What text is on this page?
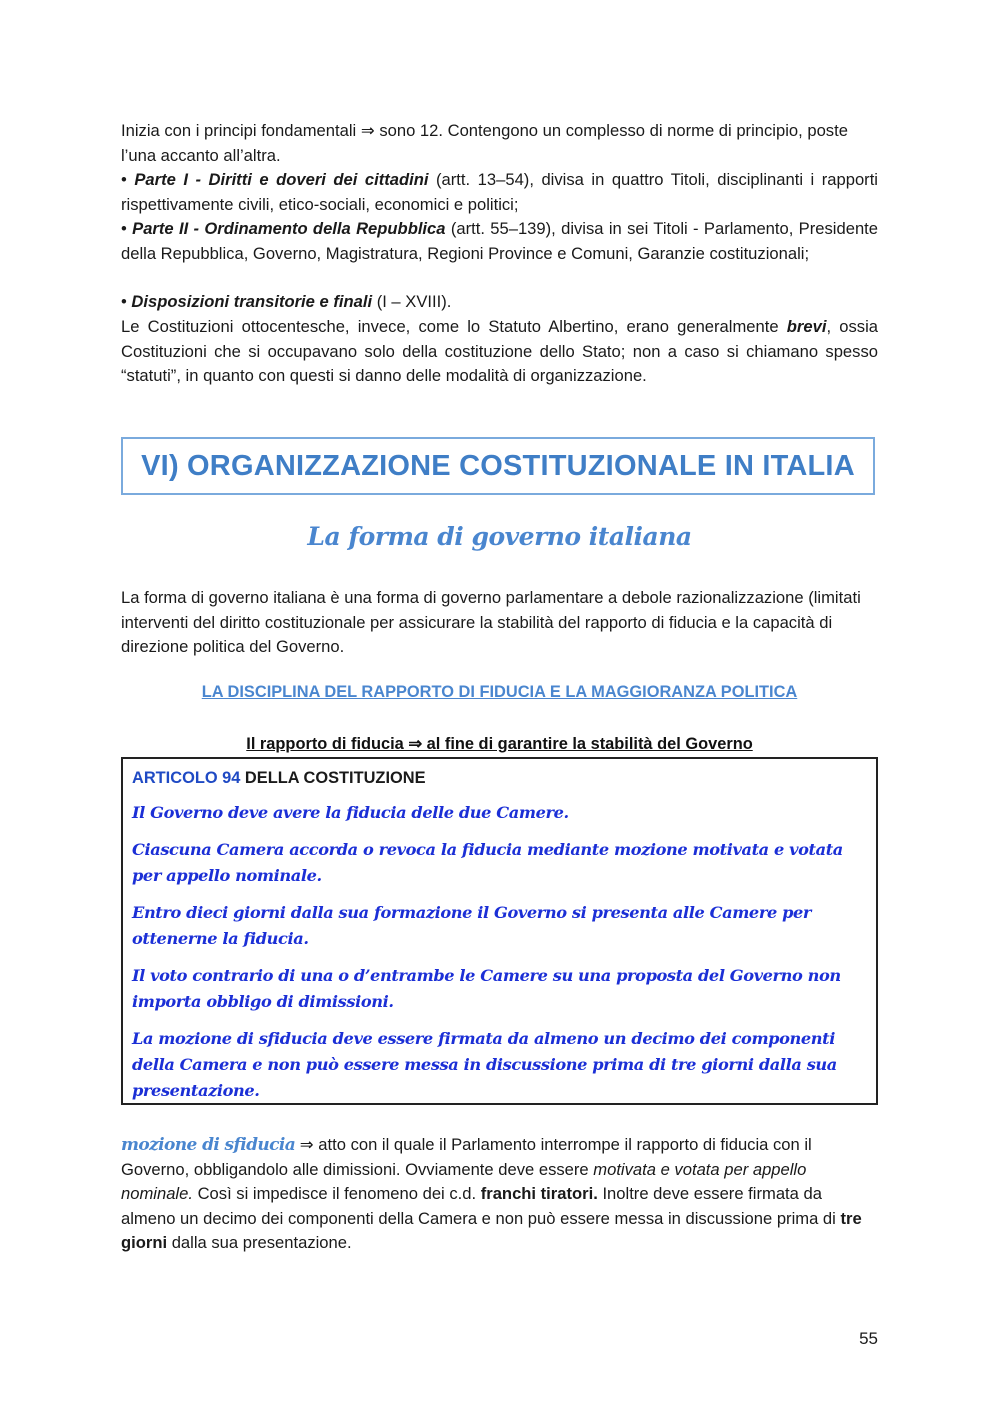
Inizia con i principi fondamentali ⇒ sono 12. Contengono un complesso di norme di principio, poste l’una accanto all’altra.

• Parte I - Diritti e doveri dei cittadini (artt. 13–54), divisa in quattro Titoli, disciplinanti i rapporti rispettivamente civili, etico-sociali, economici e politici;

• Parte II - Ordinamento della Repubblica (artt. 55–139), divisa in sei Titoli - Parlamento, Presidente della Repubblica, Governo, Magistratura, Regioni Province e Comuni, Garanzie costituzionali;

• Disposizioni transitorie e finali (I – XVIII).

Le Costituzioni ottocentesche, invece, come lo Statuto Albertino, erano generalmente brevi, ossia Costituzioni che si occupavano solo della costituzione dello Stato; non a caso si chiamano spesso “statuti”, in quanto con questi si danno delle modalità di organizzazione.

VI) ORGANIZZAZIONE COSTITUZIONALE IN ITALIA
La forma di governo italiana

La forma di governo italiana è una forma di governo parlamentare a debole razionalizzazione (limitati interventi del diritto costituzionale per assicurare la stabilità del rapporto di fiducia e la capacità di direzione politica del Governo.

LA DISCIPLINA DEL RAPPORTO DI FIDUCIA E LA MAGGIORANZA POLITICA
Il rapporto di fiducia ⇒ al fine di garantire la stabilità del Governo

ARTICOLO 94 DELLA COSTITUZIONE

Il Governo deve avere la fiducia delle due Camere.

Ciascuna Camera accorda o revoca la fiducia mediante mozione motivata e votata per appello nominale.

Entro dieci giorni dalla sua formazione il Governo si presenta alle Camere per ottenerne la fiducia.

Il voto contrario di una o d’entrambe le Camere su una proposta del Governo non importa obbligo di dimissioni.

La mozione di sfiducia deve essere firmata da almeno un decimo dei componenti della Camera e non può essere messa in discussione prima di tre giorni dalla sua presentazione.

mozione di sfiducia ⇒ atto con il quale il Parlamento interrompe il rapporto di fiducia con il Governo, obbligandolo alle dimissioni. Ovviamente deve essere motivata e votata per appello nominale. Così si impedisce il fenomeno dei c.d. franchi tiratori. Inoltre deve essere firmata da almeno un decimo dei componenti della Camera e non può essere messa in discussione prima di tre giorni dalla sua presentazione.

55
